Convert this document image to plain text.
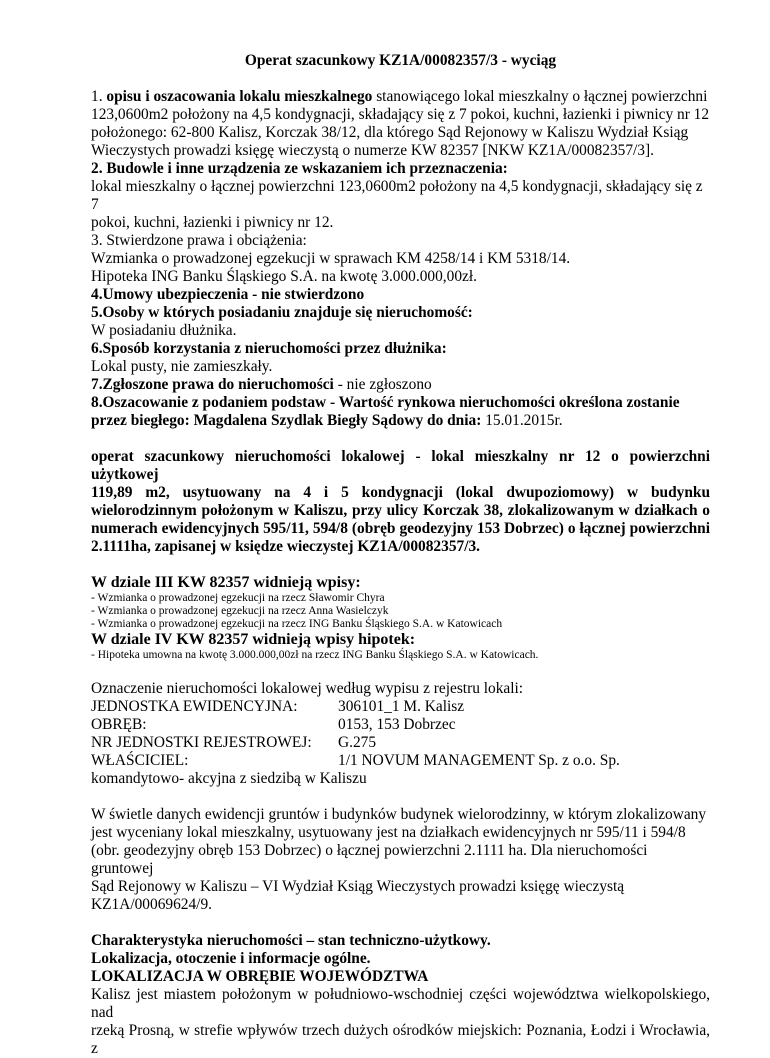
Operat szacunkowy KZ1A/00082357/3 - wyciąg

1. opisu i oszacowania lokalu mieszkalnego stanowiącego lokal mieszkalny o łącznej powierzchni

123,0600m2 położony na 4,5 kondygnacji, składający się z 7 pokoi, kuchni, łazienki i piwnicy nr 12

położonego: 62-800 Kalisz, Korczak 38/12, dla którego Sąd Rejonowy w Kaliszu Wydział Ksiąg

Wieczystych prowadzi księgę wieczystą o numerze KW 82357 [NKW KZ1A/00082357/3].

2. Budowle i inne urządzenia ze wskazaniem ich przeznaczenia:

lokal mieszkalny o łącznej powierzchni 123,0600m2 położony na 4,5 kondygnacji, składający się z 7

pokoi, kuchni, łazienki i piwnicy nr 12.

3. Stwierdzone prawa i obciążenia:

Wzmianka o prowadzonej egzekucji w sprawach KM 4258/14 i KM 5318/14.

Hipoteka ING Banku Śląskiego S.A. na kwotę 3.000.000,00zł.

4.Umowy ubezpieczenia - nie stwierdzono

5.Osoby w których posiadaniu znajduje się nieruchomość:

W posiadaniu dłużnika.

6.Sposób korzystania z nieruchomości przez dłużnika:

Lokal pusty, nie zamieszkały.

7.Zgłoszone prawa do nieruchomości - nie zgłoszono

8.Oszacowanie z podaniem podstaw - Wartość rynkowa nieruchomości określona zostanie

przez biegłego: Magdalena Szydlak Biegły Sądowy do dnia: 15.01.2015r.

operat szacunkowy nieruchomości lokalowej - lokal mieszkalny nr 12 o powierzchni użytkowej

119,89 m2, usytuowany na 4 i 5 kondygnacji (lokal dwupoziomowy) w budynku

wielorodzinnym położonym w Kaliszu, przy ulicy Korczak 38, zlokalizowanym w działkach o

numerach ewidencyjnych 595/11, 594/8 (obręb geodezyjny 153 Dobrzec) o łącznej powierzchni

2.1111ha, zapisanej w księdze wieczystej KZ1A/00082357/3.

W dziale III KW 82357 widnieją wpisy:

- Wzmianka o prowadzonej egzekucji na rzecz Sławomir Chyra

- Wzmianka o prowadzonej egzekucji na rzecz Anna Wasielczyk

- Wzmianka o prowadzonej egzekucji na rzecz ING Banku Śląskiego S.A. w Katowicach

W dziale IV KW 82357 widnieją wpisy hipotek:

- Hipoteka umowna na kwotę 3.000.000,00zł na rzecz ING Banku Śląskiego S.A. w Katowicach.

Oznaczenie nieruchomości lokalowej według wypisu z rejestru lokali:

JEDNOSTKA EWIDENCYJNA:	306101_1 M. Kalisz
OBRĘB:	0153, 153 Dobrzec
NR JEDNOSTKI REJESTROWEJ:	G.275
WŁAŚCICIEL:	1/1 NOVUM MANAGEMENT Sp. z o.o. Sp.

komandytowo- akcyjna z siedzibą w Kaliszu

W świetle danych ewidencji gruntów i budynków budynek wielorodzinny, w którym zlokalizowany

jest wyceniany lokal mieszkalny, usytuowany jest na działkach ewidencyjnych nr 595/11 i 594/8

(obr. geodezyjny obręb 153 Dobrzec) o łącznej powierzchni 2.1111 ha. Dla nieruchomości gruntowej

Sąd Rejonowy w Kaliszu – VI Wydział Ksiąg Wieczystych prowadzi księgę wieczystą

KZ1A/00069624/9.

Charakterystyka nieruchomości – stan techniczno-użytkowy.

Lokalizacja, otoczenie i informacje ogólne.

LOKALIZACJA W OBRĘBIE WOJEWÓDZTWA

Kalisz jest miastem położonym w południowo-wschodniej części województwa wielkopolskiego, nad

rzeką Prosną, w strefie wpływów trzech dużych ośrodków miejskich: Poznania, Łodzi i Wrocławia, z
